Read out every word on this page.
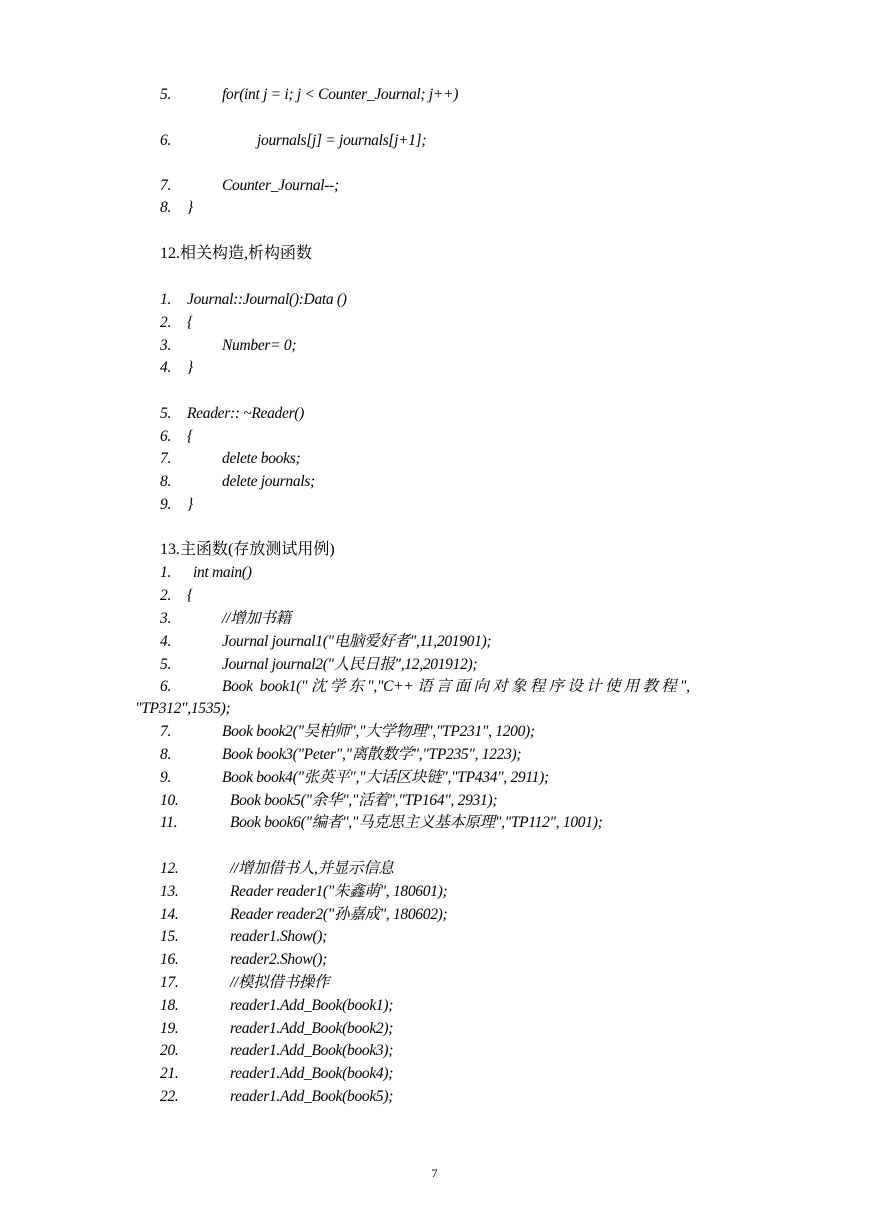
5.	for(int j = i; j < Counter_Journal; j++)
6.	journals[j] = journals[j+1];
7.	Counter_Journal--;
8. }
12.相关构造,析构函数
1. Journal::Journal():Data ()
2. {
3.	Number= 0;
4. }
5. Reader:: ~Reader()
6. {
7.	delete books;
8.	delete journals;
9. }
13.主函数(存放测试用例)
1. int main()
2. {
3.	//增加书籍
4.	Journal journal1("电脑爱好者",11,201901);
5.	Journal journal2("人民日报",12,201912);
6.	Book  book1(" 沈 学 东 ","C++ 语 言 面 向 对 象 程 序 设 计 使 用 教 程 ",
"TP312",1535);
7.	Book book2("吴柏师","大学物理","TP231", 1200);
8.	Book book3("Peter","离散数学","TP235", 1223);
9.	Book book4("张英平","大话区块链","TP434", 2911);
10.	Book book5("余华","活着","TP164", 2931);
11.	Book book6("编者","马克思主义基本原理","TP112", 1001);
12.	//增加借书人,并显示信息
13.	Reader reader1("朱鑫萌", 180601);
14.	Reader reader2("孙嘉成", 180602);
15.	reader1.Show();
16.	reader2.Show();
17.	//模拟借书操作
18.	reader1.Add_Book(book1);
19.	reader1.Add_Book(book2);
20.	reader1.Add_Book(book3);
21.	reader1.Add_Book(book4);
22.	reader1.Add_Book(book5);
7
